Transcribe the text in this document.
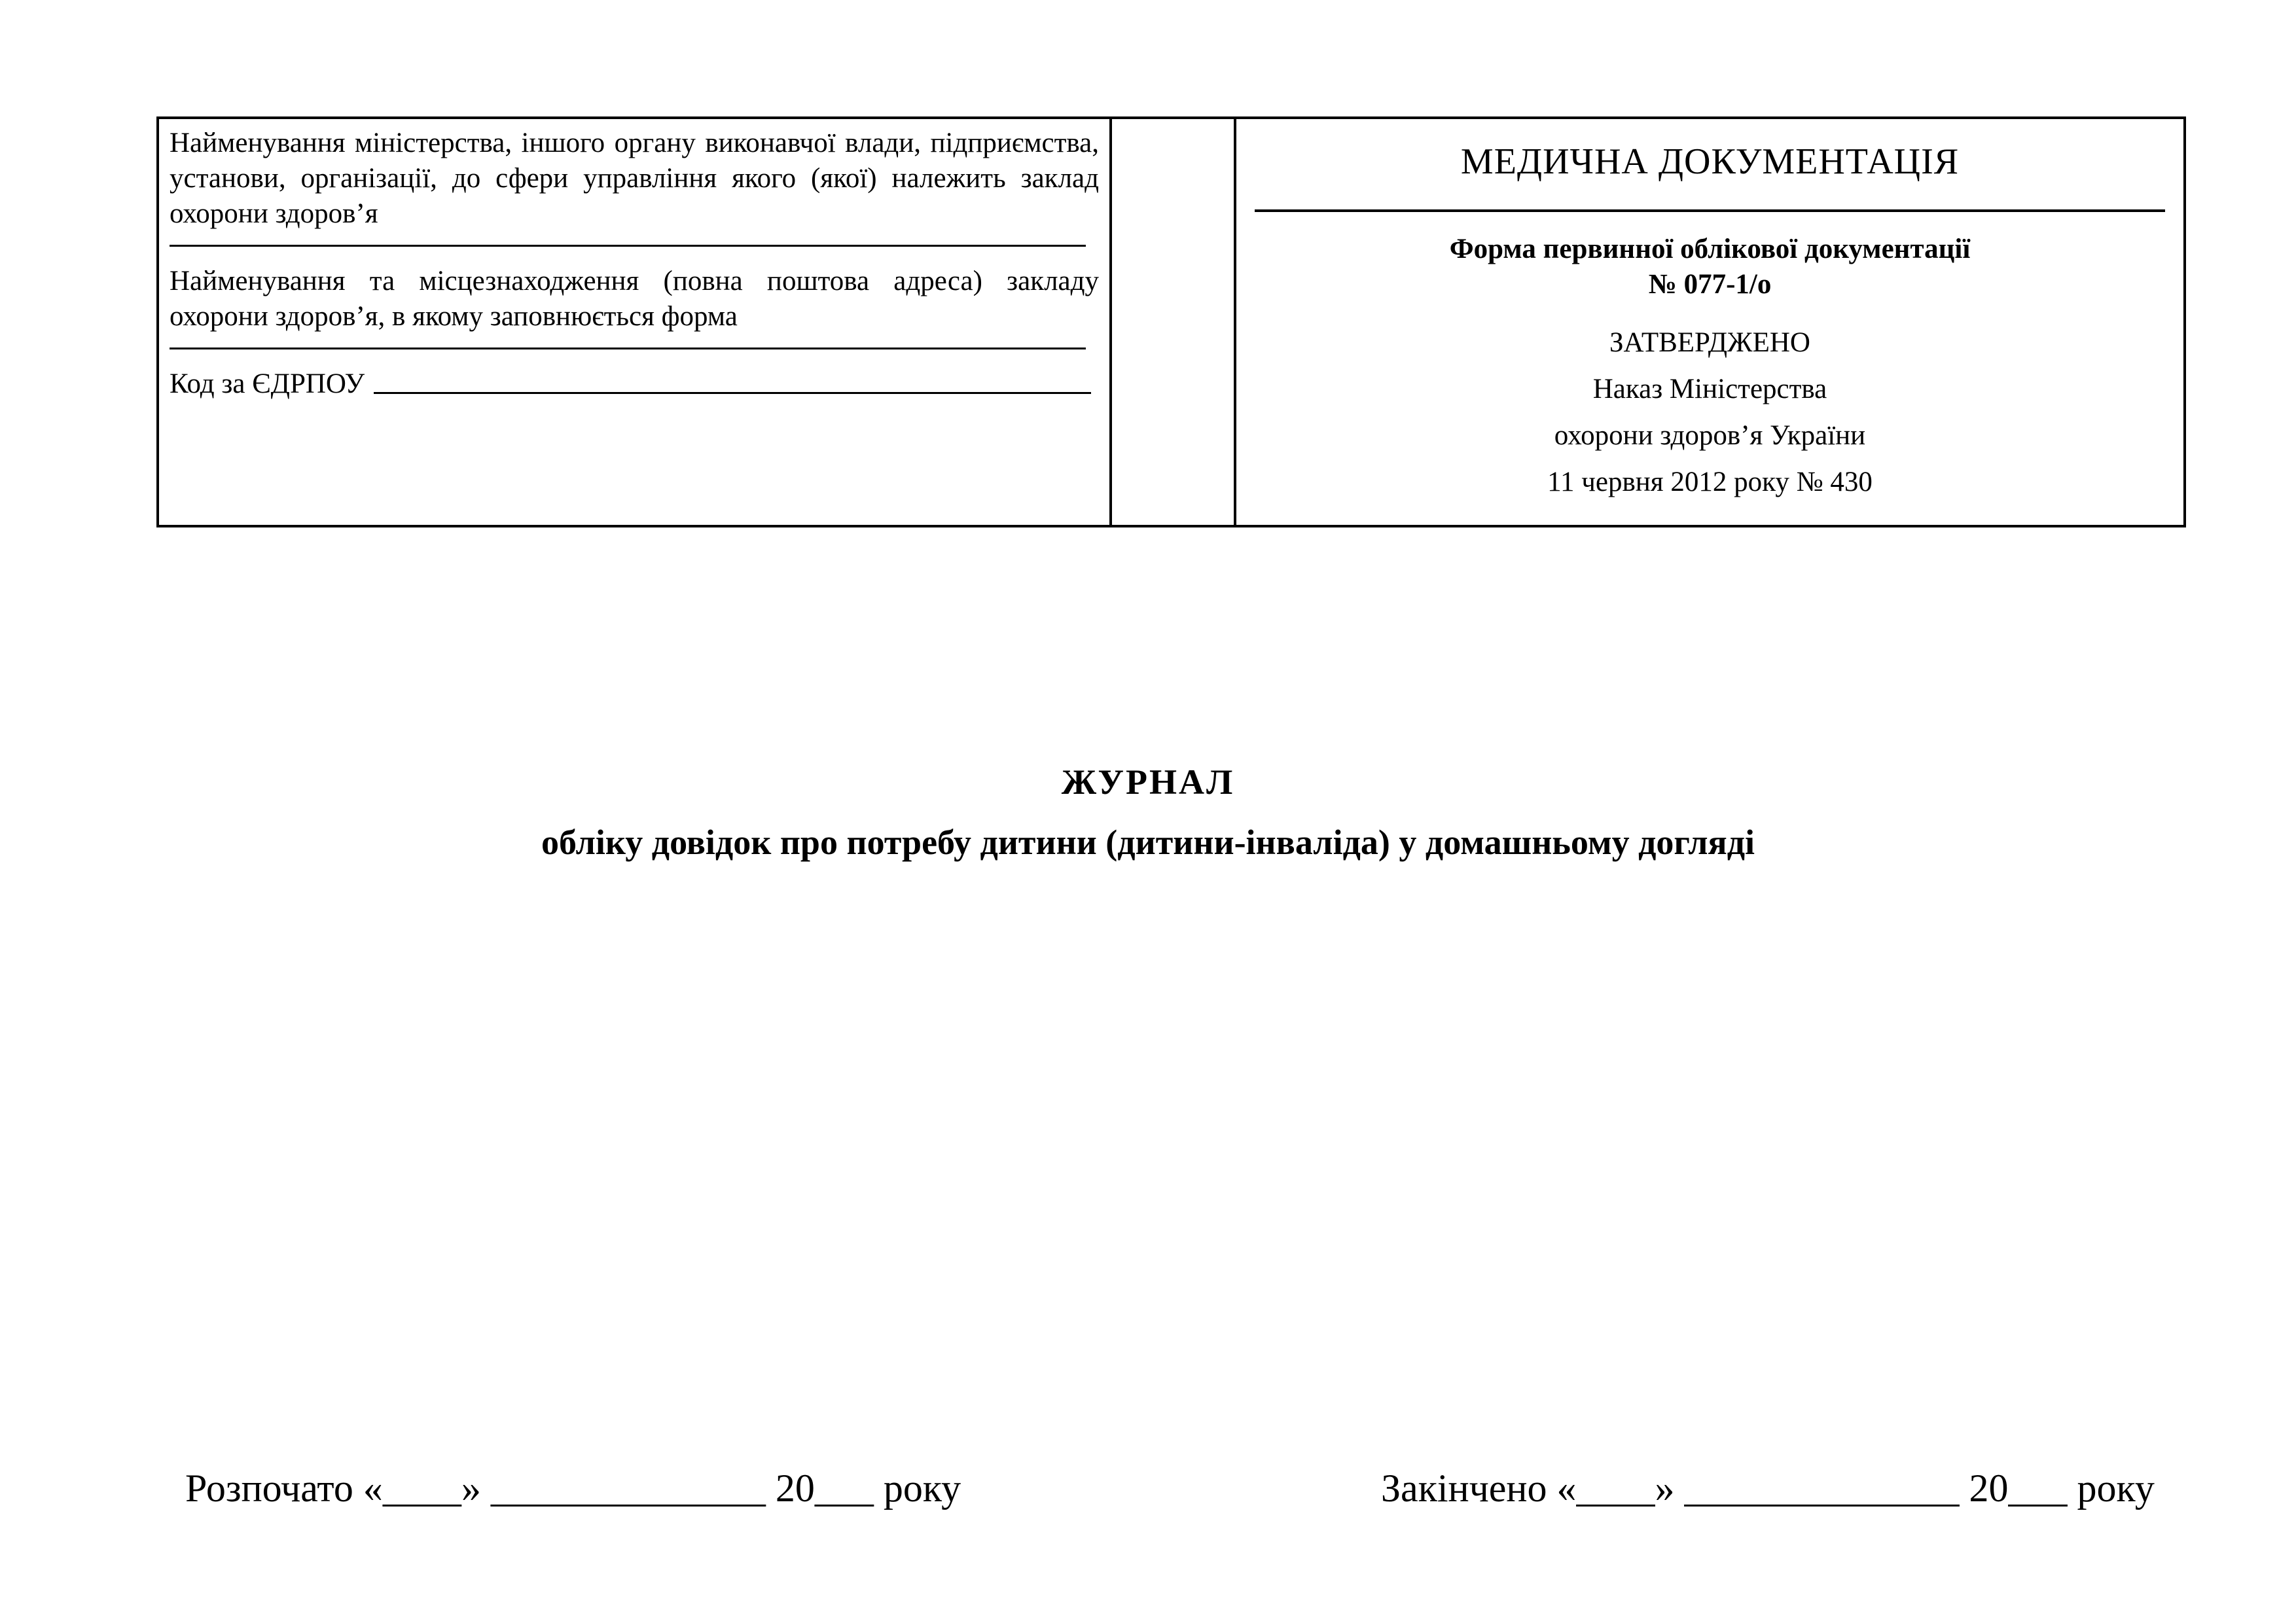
Найменування міністерства, іншого органу виконавчої влади, підприємства, установи, організації, до сфери управління якого (якої) належить заклад охорони здоров’я

Найменування та місцезнаходження (повна поштова адреса) закладу охорони здоров’я, в якому заповнюється форма

Код за ЄДРПОУ

МЕДИЧНА ДОКУМЕНТАЦІЯ

Форма первинної облікової документації

№ 077-1/о

ЗАТВЕРДЖЕНО

Наказ Міністерства

охорони здоров’я України

11 червня 2012 року № 430

ЖУРНАЛ
обліку довідок про потребу дитини (дитини-інваліда) у домашньому догляді
Розпочато «____» ______________ 20___ року	Закінчено «____» ______________ 20___ року
